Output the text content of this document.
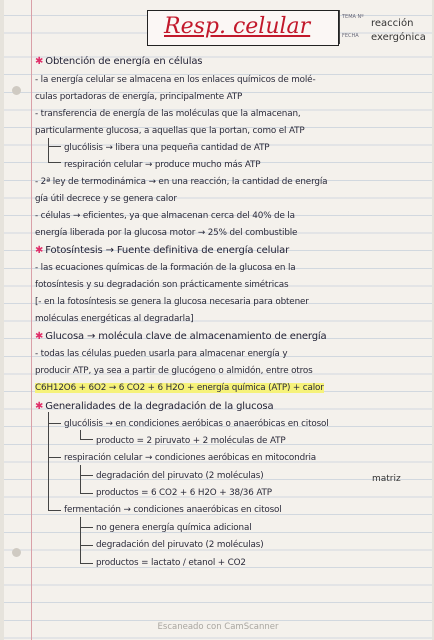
Resp. celular	TEMA Nº
FECHA
reacción
exergónica
✱ Obtención de energía en células
- la energía celular se almacena en los enlaces químicos de molé-
culas portadoras de energía, principalmente ATP
- transferencia de energía de las moléculas que la almacenan,
particularmente glucosa, a aquellas que la portan, como el ATP
glucólisis → libera una pequeña cantidad de ATP
respiración celular → produce mucho más ATP
- 2ª ley de termodinámica → en una reacción, la cantidad de energía
gía útil decrece y se genera calor
- células → eficientes, ya que almacenan cerca del 40% de la
energía liberada por la glucosa motor → 25% del combustible
✱ Fotosíntesis → Fuente definitiva de energía celular
- las ecuaciones químicas de la formación de la glucosa en la
fotosíntesis y su degradación son prácticamente simétricas
[- en la fotosíntesis se genera la glucosa necesaria para obtener
moléculas energéticas al degradarla]
✱ Glucosa → molécula clave de almacenamiento de energía
- todas las células pueden usarla para almacenar energía y
producir ATP, ya sea a partir de glucógeno o almidón, entre otros
C6H12O6 + 6O2 → 6 CO2 + 6 H2O + energía química (ATP) + calor
✱ Generalidades de la degradación de la glucosa
glucólisis → en condiciones aeróbicas o anaeróbicas en citosol
producto = 2 piruvato + 2 moléculas de ATP
respiración celular → condiciones aeróbicas en mitocondria
degradación del piruvato (2 moléculas)	matriz
productos = 6 CO2 + 6 H2O + 38/36 ATP
fermentación → condiciones anaeróbicas en citosol
no genera energía química adicional
degradación del piruvato (2 moléculas)
productos = lactato / etanol + CO2
Escaneado con CamScanner
